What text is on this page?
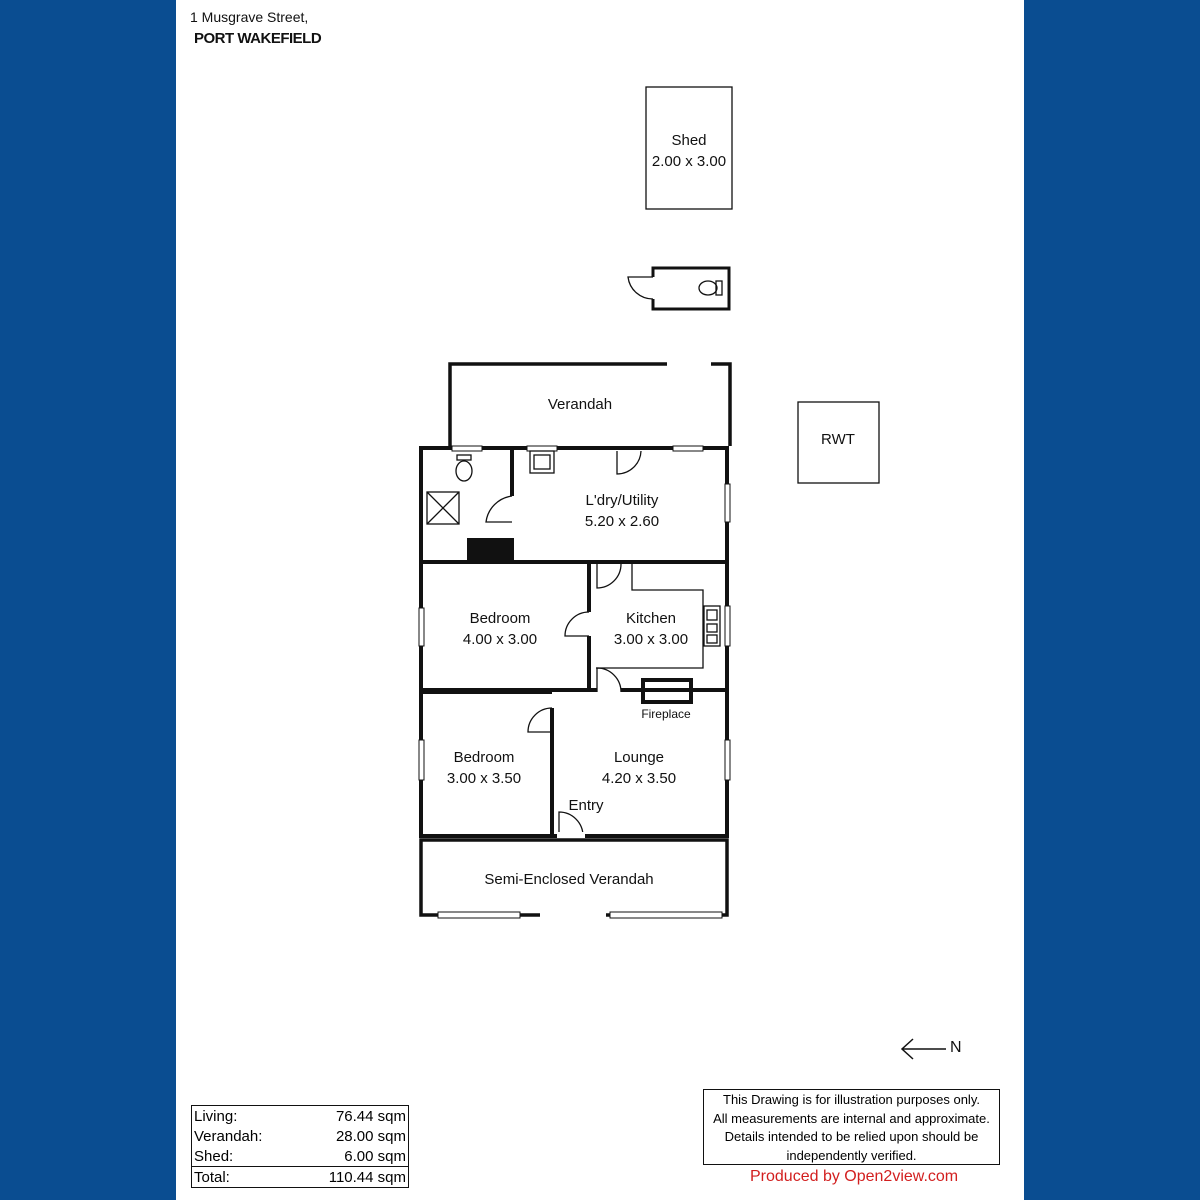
1 Musgrave Street,
PORT WAKEFIELD
Shed
2.00 x 3.00
RWT
Verandah
L'dry/Utility
5.20 x 2.60
Bedroom
4.00 x 3.00
Kitchen
3.00 x 3.00
Fireplace
Bedroom
3.00 x 3.50
Lounge
4.20 x 3.50
Entry
Semi-Enclosed Verandah
N
Living:	76.44 sqm
Verandah:	28.00 sqm
Shed:	6.00 sqm
Total:	110.44 sqm
This Drawing is for illustration purposes only.
All measurements are internal and approximate.
Details intended to be relied upon should be
independently verified.
Produced by Open2view.com
